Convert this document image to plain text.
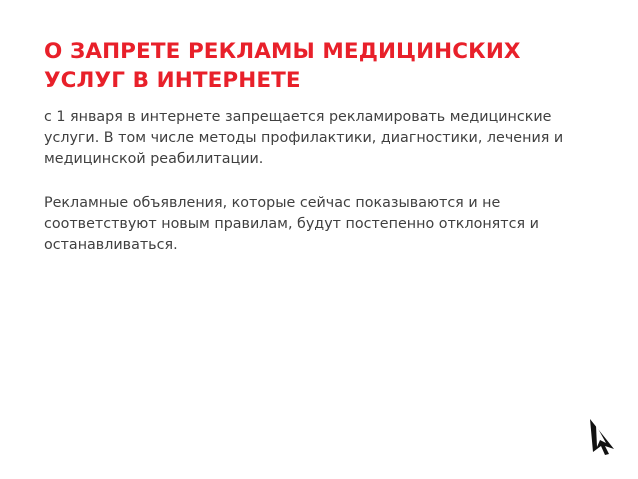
О ЗАПРЕТЕ РЕКЛАМЫ МЕДИЦИНСКИХ УСЛУГ В ИНТЕРНЕТЕ

с 1 января в интернете запрещается рекламировать медицинские услуги. В том числе методы профилактики, диагностики, лечения и медицинской реабилитации.

Рекламные объявления, которые сейчас показываются и не соответствуют новым правилам, будут постепенно отклонятся и останавливаться.
